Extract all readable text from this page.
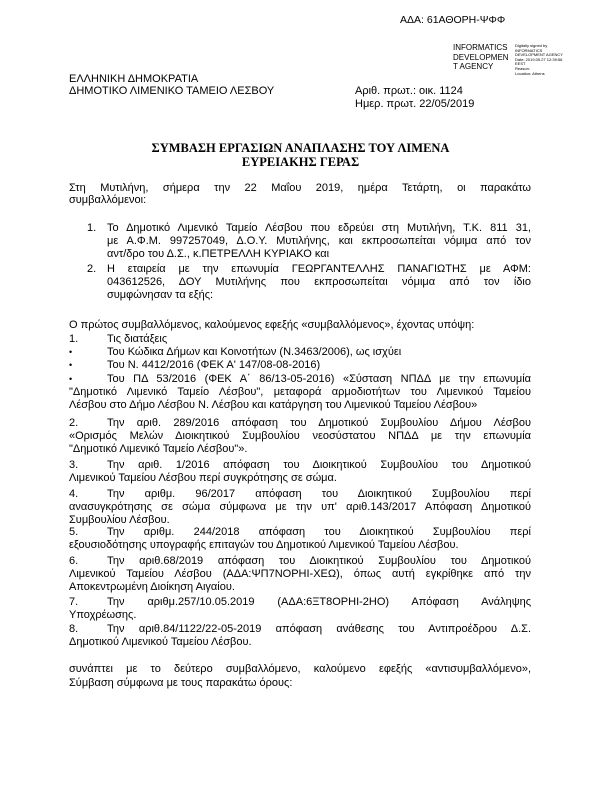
ΑΔΑ: 61ΑΘΟΡΗ-ΨΦΦ
INFORMATICS
DEVELOPMEN
T AGENCY
Digitally signed by
INFORMATICS DEVELOPMENT AGENCY
Date: 2019.05.27 12:39:56 EEST
Reason:
Location: Athens
ΕΛΛΗΝΙΚΗ ΔΗΜΟΚΡΑΤΙΑ
ΔΗΜΟΤΙΚΟ ΛΙΜΕΝΙΚΟ ΤΑΜΕΙΟ ΛΕΣΒΟΥ	Αριθ. πρωτ.: οικ. 1124
Ημερ. πρωτ. 22/05/2019
ΣΥΜΒΑΣΗ ΕΡΓΑΣΙΩΝ ΑΝΑΠΛΑΣΗΣ ΤΟΥ ΛΙΜΕΝΑ
ΕΥΡΕΙΑΚΗΣ ΓΕΡΑΣ
Στη Μυτιλήνη, σήμερα την 22 Μαΐου 2019, ημέρα Τετάρτη, οι παρακάτω
συμβαλλόμενοι:
1. Το Δημοτικό Λιμενικό Ταμείο Λέσβου που εδρεύει στη Μυτιλήνη, Τ.Κ. 811 31,
με Α.Φ.Μ. 997257049, Δ.Ο.Υ. Μυτιλήνης, και εκπροσωπείται νόμιμα από τον
αντ/δρο του Δ.Σ., κ.ΠΕΤΡΕΛΛΗ ΚΥΡΙΑΚΟ και
2. Η εταιρεία με την επωνυμία ΓΕΩΡΓΑΝΤΕΛΛΗΣ ΠΑΝΑΓΙΩΤΗΣ με ΑΦΜ:
043612526, ΔΟΥ Μυτιλήνης που εκπροσωπείται νόμιμα από τον ίδιο
συμφώνησαν τα εξής:
Ο πρώτος συμβαλλόμενος, καλούμενος εφεξής «συμβαλλόμενος», έχοντας υπόψη:
1.	Τις διατάξεις
•	Του Κώδικα Δήμων και Κοινοτήτων (Ν.3463/2006), ως ισχύει
•	Του Ν. 4412/2016 (ΦΕΚ Α' 147/08-08-2016)
•	Του ΠΔ 53/2016 (ΦΕΚ Α΄ 86/13-05-2016) «Σύσταση ΝΠΔΔ με την επωνυμία
"Δημοτικό Λιμενικό Ταμείο Λέσβου", μεταφορά αρμοδιοτήτων του Λιμενικού Ταμείου
Λέσβου στο Δήμο Λέσβου Ν. Λέσβου και κατάργηση του Λιμενικού Ταμείου Λέσβου»
2.	Την αριθ. 289/2016 απόφαση του Δημοτικού Συμβουλίου Δήμου Λέσβου
«Ορισμός Μελών Διοικητικού Συμβουλίου νεοσύστατου ΝΠΔΔ με την επωνυμία
"Δημοτικό Λιμενικό Ταμείο Λέσβου"».
3.	Την αριθ. 1/2016 απόφαση του Διοικητικού Συμβουλίου του Δημοτικού
Λιμενικού Ταμείου Λέσβου περί συγκρότησης σε σώμα.
4.	Την αριθμ. 96/2017 απόφαση του Διοικητικού Συμβουλίου περί
ανασυγκρότησης σε σώμα σύμφωνα με την υπ' αριθ.143/2017 Απόφαση Δημοτικού
Συμβουλίου Λέσβου.
5.	Την αριθμ. 244/2018 απόφαση του Διοικητικού Συμβουλίου περί
εξουσιοδότησης υπογραφής επιταγών του Δημοτικού Λιμενικού Ταμείου Λέσβου.
6.	Την αριθ.68/2019 απόφαση του Διοικητικού Συμβουλίου του Δημοτικού
Λιμενικού Ταμείου Λέσβου (ΑΔΑ:ΨΠ7ΝΟΡΗΙ-ΧΕΩ), όπως αυτή εγκρίθηκε από την
Αποκεντρωμένη Διοίκηση Αιγαίου.
7.	Την αριθμ.257/10.05.2019 (ΑΔΑ:6ΞΤ8ΟΡΗΙ-2ΗΟ) Απόφαση Ανάληψης
Υποχρέωσης.
8.	Την αριθ.84/1122/22-05-2019 απόφαση ανάθεσης του Αντιπροέδρου Δ.Σ.
Δημοτικού Λιμενικού Ταμείου Λέσβου.
συνάπτει με το δεύτερο συμβαλλόμενο, καλούμενο εφεξής «αντισυμβαλλόμενο»,
Σύμβαση σύμφωνα με τους παρακάτω όρους:
